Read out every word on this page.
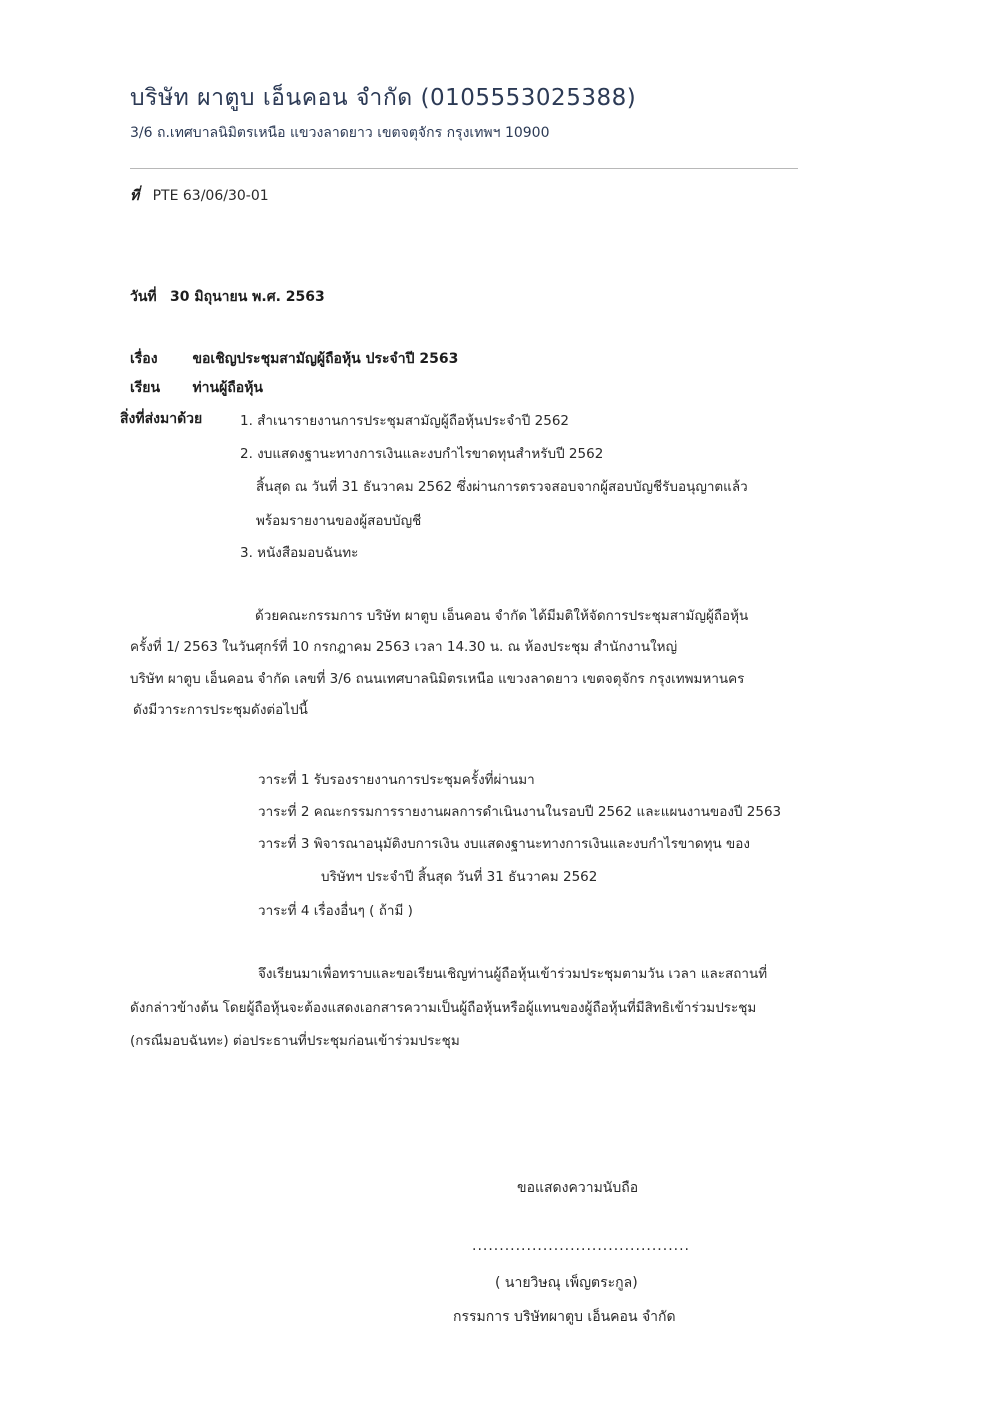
บริษัท ผาตูบ เอ็นคอน จำกัด (0105553025388)
3/6 ถ.เทศบาลนิมิตรเหนือ แขวงลาดยาว เขตจตุจักร กรุงเทพฯ 10900
ที่ PTE 63/06/30-01
วันที่ 30 มิถุนายน พ.ศ. 2563
เรื่อง ขอเชิญประชุมสามัญผู้ถือหุ้น ประจำปี 2563
เรียน ท่านผู้ถือหุ้น
สิ่งที่ส่งมาด้วย	1. สำเนารายงานการประชุมสามัญผู้ถือหุ้นประจำปี 2562
2. งบแสดงฐานะทางการเงินและงบกำไรขาดทุนสำหรับปี 2562
สิ้นสุด ณ วันที่ 31 ธันวาคม 2562 ซึ่งผ่านการตรวจสอบจากผู้สอบบัญชีรับอนุญาตแล้ว
พร้อมรายงานของผู้สอบบัญชี
3. หนังสือมอบฉันทะ
ด้วยคณะกรรมการ บริษัท ผาตูบ เอ็นคอน จำกัด ได้มีมติให้จัดการประชุมสามัญผู้ถือหุ้น
ครั้งที่ 1/ 2563 ในวันศุกร์ที่ 10 กรกฎาคม 2563 เวลา 14.30 น. ณ ห้องประชุม สำนักงานใหญ่
บริษัท ผาตูบ เอ็นคอน จำกัด เลขที่ 3/6 ถนนเทศบาลนิมิตรเหนือ แขวงลาดยาว เขตจตุจักร กรุงเทพมหานคร
ดังมีวาระการประชุมดังต่อไปนี้
วาระที่ 1 รับรองรายงานการประชุมครั้งที่ผ่านมา
วาระที่ 2 คณะกรรมการรายงานผลการดำเนินงานในรอบปี 2562 และแผนงานของปี 2563
วาระที่ 3 พิจารณาอนุมัติงบการเงิน งบแสดงฐานะทางการเงินและงบกำไรขาดทุน ของ
บริษัทฯ ประจำปี สิ้นสุด วันที่ 31 ธันวาคม 2562
วาระที่ 4 เรื่องอื่นๆ ( ถ้ามี )
จึงเรียนมาเพื่อทราบและขอเรียนเชิญท่านผู้ถือหุ้นเข้าร่วมประชุมตามวัน เวลา และสถานที่
ดังกล่าวข้างต้น โดยผู้ถือหุ้นจะต้องแสดงเอกสารความเป็นผู้ถือหุ้นหรือผู้แทนของผู้ถือหุ้นที่มีสิทธิเข้าร่วมประชุม
(กรณีมอบฉันทะ) ต่อประธานที่ประชุมก่อนเข้าร่วมประชุม
ขอแสดงความนับถือ
........................................
( นายวิษณุ เพ็ญตระกูล)
กรรมการ บริษัทผาตูบ เอ็นคอน จำกัด
